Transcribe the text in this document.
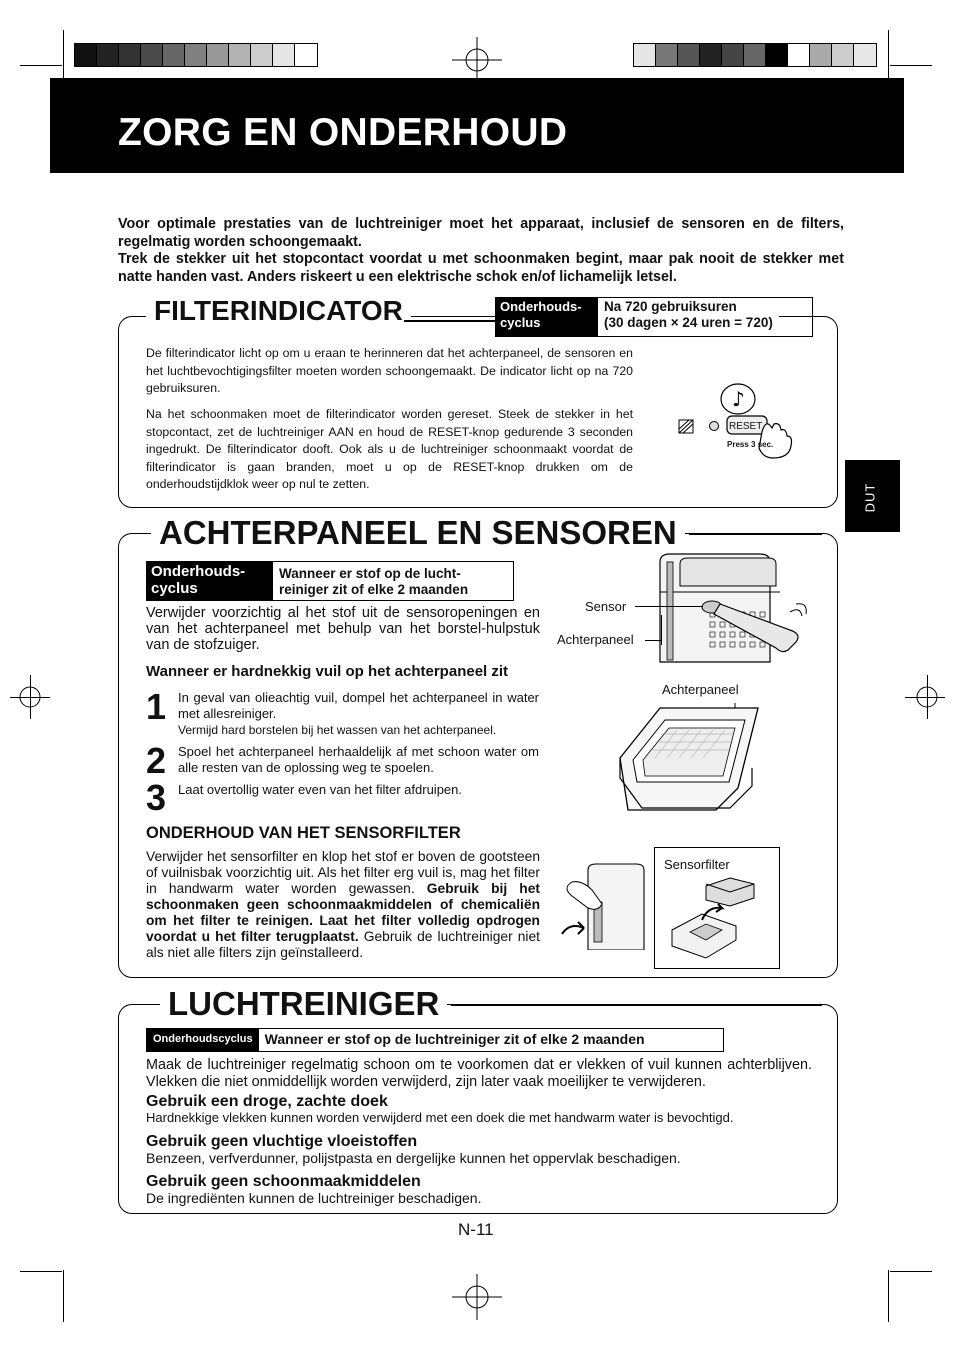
ZORG EN ONDERHOUD

Voor optimale prestaties van de luchtreiniger moet het apparaat, inclusief de sensoren en de filters, regelmatig worden schoongemaakt.

Trek de stekker uit het stopcontact voordat u met schoonmaken begint, maar pak nooit de stekker met natte handen vast. Anders riskeert u een elektrische schok en/of lichamelijk letsel.

DUT
FILTERINDICATOR	Onderhouds-
cyclus
Na 720 gebruiksuren
(30 dagen × 24 uren = 720)
De filterindicator licht op om u eraan te herinneren dat het achterpaneel, de sensoren en het luchtbevochtigingsfilter moeten worden schoongemaakt. De indicator licht op na 720 gebruiksuren.
Na het schoonmaken moet de filterindicator worden gereset. Steek de stekker in het stopcontact, zet de luchtreiniger AAN en houd de RESET-knop gedurende 3 seconden ingedrukt. De filterindicator dooft. Ook als u de luchtreiniger schoonmaakt voordat de filterindicator is gaan branden, moet u op de RESET-knop drukken om de onderhoudstijdklok weer op nul te zetten.
♪
RESET
Press 3 sec.
ACHTERPANEEL EN SENSOREN
Onderhouds-
cyclus
Wanneer er stof op de lucht-
reiniger zit of elke 2 maanden
Verwijder voorzichtig al het stof uit de sensoropeningen en van het achterpaneel met behulp van het borstel-hulpstuk van de stofzuiger.
Wanneer er hardnekkig vuil op het achterpaneel zit
1 In geval van olieachtig vuil, dompel het achterpaneel in water met allesreiniger.
Vermijd hard borstelen bij het wassen van het achterpaneel.
2 Spoel het achterpaneel herhaaldelijk af met schoon water om alle resten van de oplossing weg te spoelen.
3 Laat overtollig water even van het filter afdruipen.
ONDERHOUD VAN HET SENSORFILTER
Verwijder het sensorfilter en klop het stof er boven de gootsteen of vuilnisbak voorzichtig uit. Als het filter erg vuil is, mag het filter in handwarm water worden gewassen. Gebruik bij het schoonmaken geen schoonmaakmiddelen of chemicaliën om het filter te reinigen. Laat het filter volledig opdrogen voordat u het filter terugplaatst. Gebruik de luchtreiniger niet als niet alle filters zijn geïnstalleerd.
Sensor
Achterpaneel
Achterpaneel
Sensorfilter
LUCHTREINIGER
Onderhoudscyclus Wanneer er stof op de luchtreiniger zit of elke 2 maanden
Maak de luchtreiniger regelmatig schoon om te voorkomen dat er vlekken of vuil kunnen achterblijven. Vlekken die niet onmiddellijk worden verwijderd, zijn later vaak moeilijker te verwijderen.
Gebruik een droge, zachte doek
Hardnekkige vlekken kunnen worden verwijderd met een doek die met handwarm water is bevochtigd.
Gebruik geen vluchtige vloeistoffen
Benzeen, verfverdunner, polijstpasta en dergelijke kunnen het oppervlak beschadigen.
Gebruik geen schoonmaakmiddelen
De ingrediënten kunnen de luchtreiniger beschadigen.
N-11
